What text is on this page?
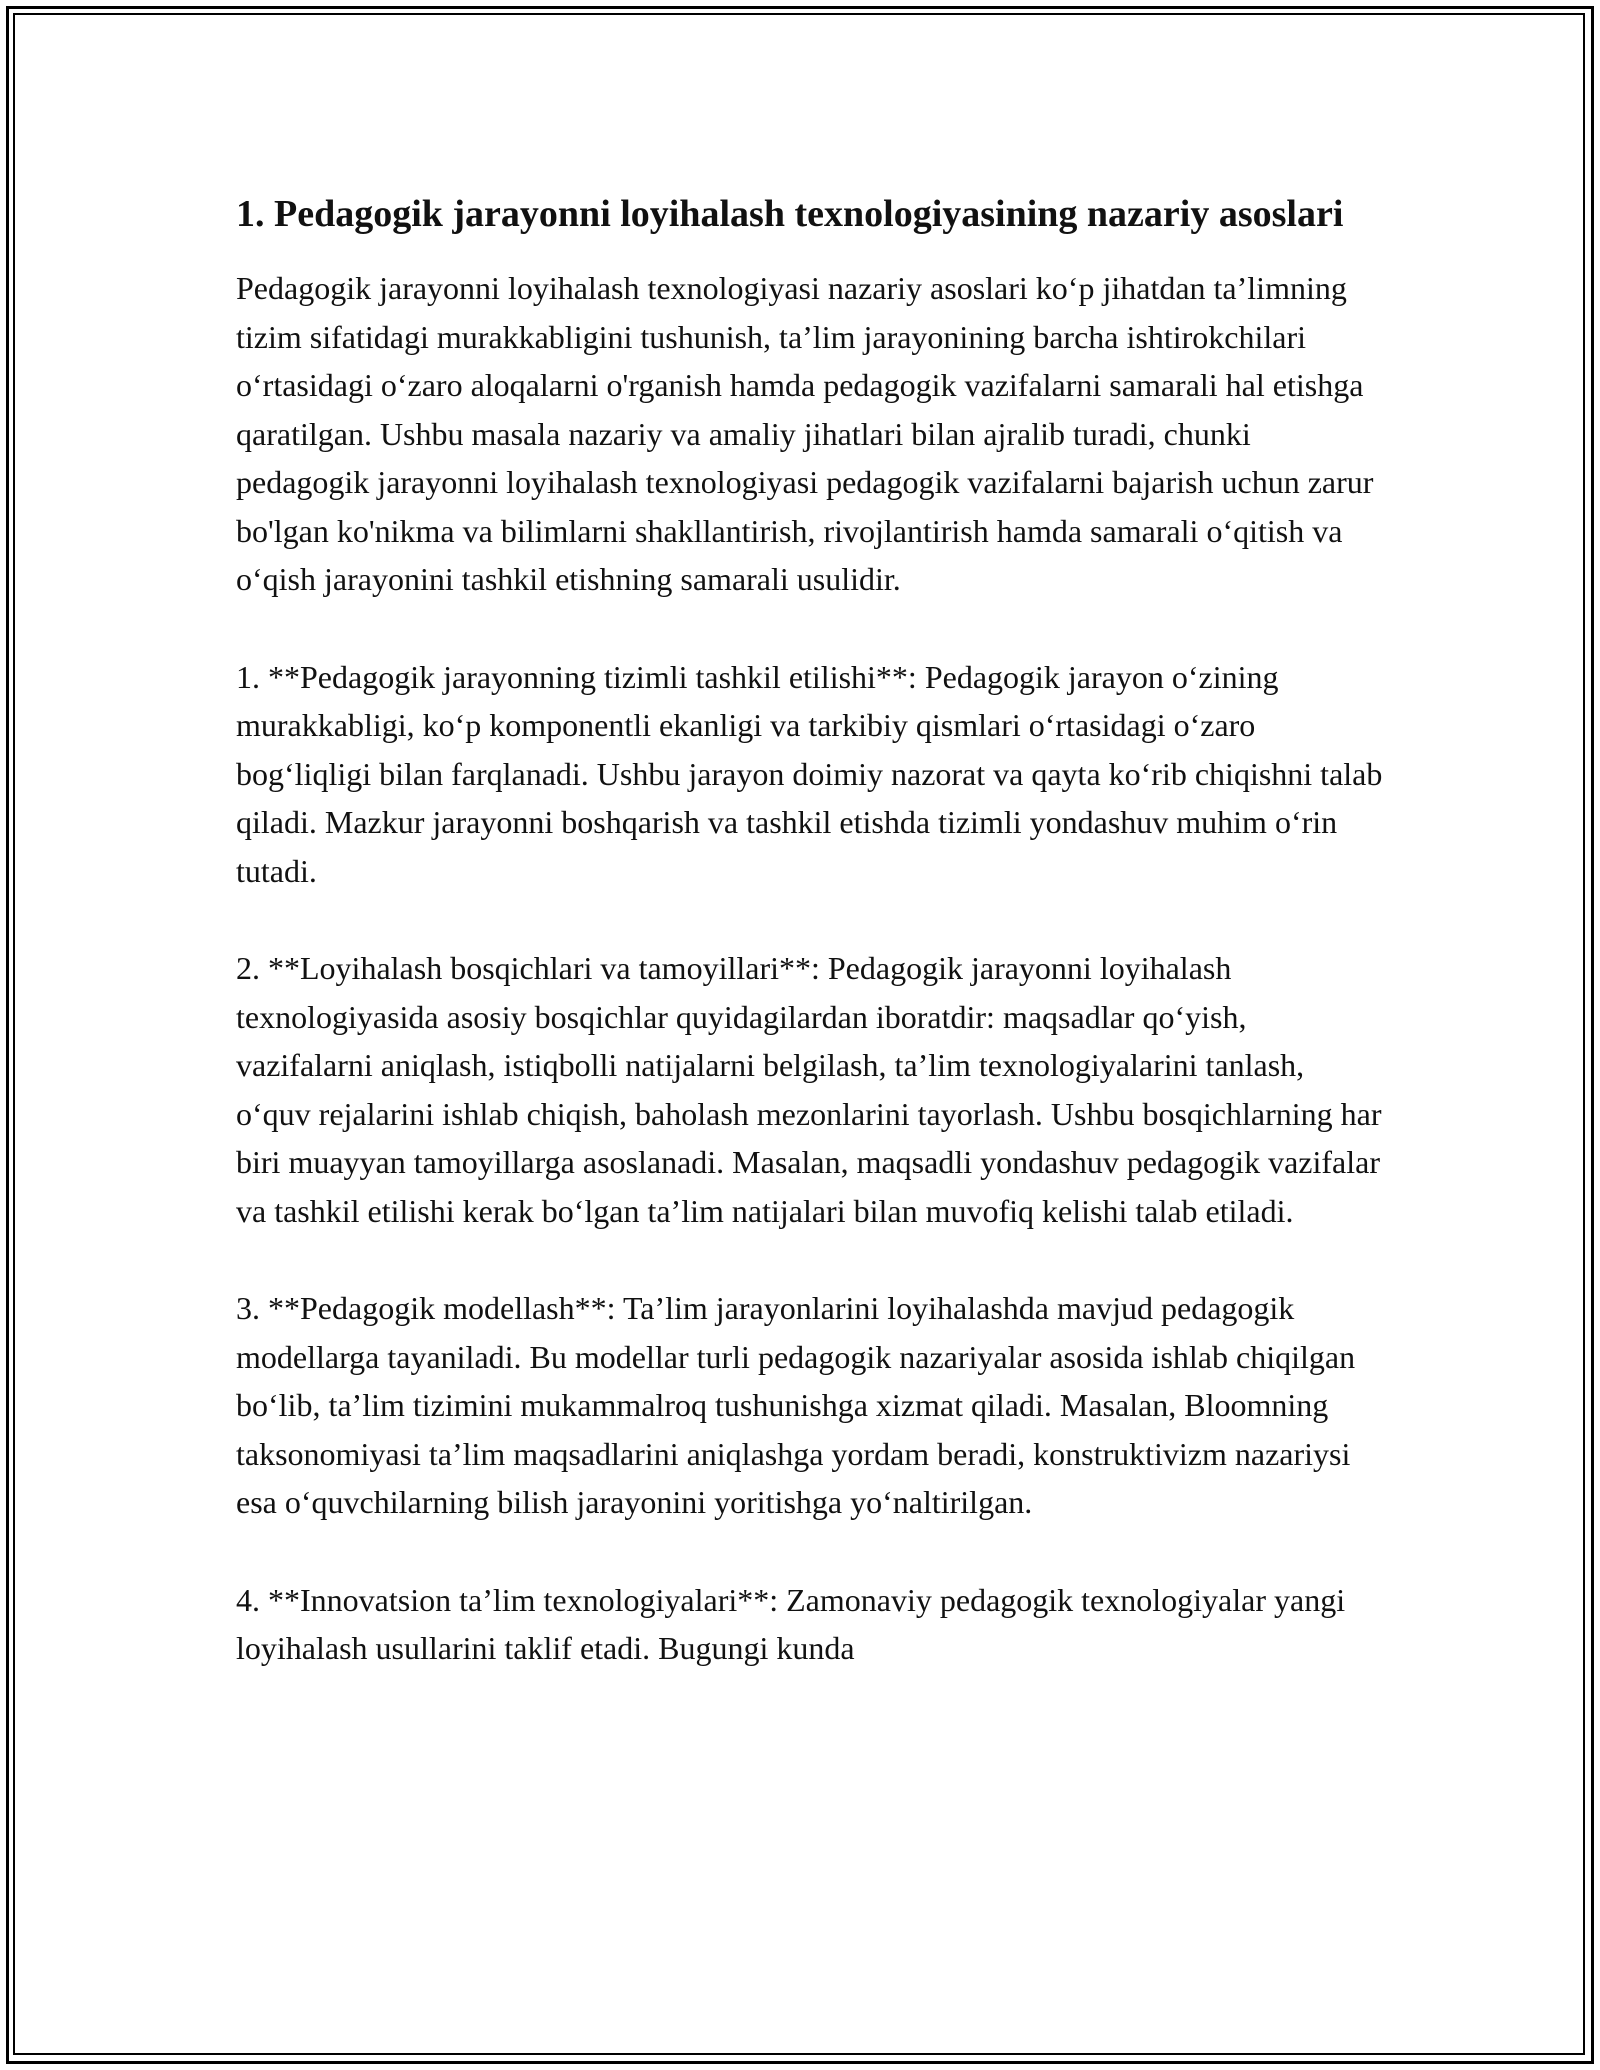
1. Pedagogik jarayonni loyihalash texnologiyasining nazariy asoslari

Pedagogik jarayonni loyihalash texnologiyasi nazariy asoslari ko‘p jihatdan ta’limning tizim sifatidagi murakkabligini tushunish, ta’lim jarayonining barcha ishtirokchilari o‘rtasidagi o‘zaro aloqalarni o'rganish hamda pedagogik vazifalarni samarali hal etishga qaratilgan. Ushbu masala nazariy va amaliy jihatlari bilan ajralib turadi, chunki pedagogik jarayonni loyihalash texnologiyasi pedagogik vazifalarni bajarish uchun zarur bo'lgan ko'nikma va bilimlarni shakllantirish, rivojlantirish hamda samarali o‘qitish va o‘qish jarayonini tashkil etishning samarali usulidir.

1. **Pedagogik jarayonning tizimli tashkil etilishi**: Pedagogik jarayon o‘zining murakkabligi, ko‘p komponentli ekanligi va tarkibiy qismlari o‘rtasidagi o‘zaro bog‘liqligi bilan farqlanadi. Ushbu jarayon doimiy nazorat va qayta ko‘rib chiqishni talab qiladi. Mazkur jarayonni boshqarish va tashkil etishda tizimli yondashuv muhim o‘rin tutadi.

2. **Loyihalash bosqichlari va tamoyillari**: Pedagogik jarayonni loyihalash texnologiyasida asosiy bosqichlar quyidagilardan iboratdir: maqsadlar qo‘yish, vazifalarni aniqlash, istiqbolli natijalarni belgilash, ta’lim texnologiyalarini tanlash, o‘quv rejalarini ishlab chiqish, baholash mezonlarini tayorlash. Ushbu bosqichlarning har biri muayyan tamoyillarga asoslanadi. Masalan, maqsadli yondashuv pedagogik vazifalar va tashkil etilishi kerak bo‘lgan ta’lim natijalari bilan muvofiq kelishi talab etiladi.

3. **Pedagogik modellash**: Ta’lim jarayonlarini loyihalashda mavjud pedagogik modellarga tayaniladi. Bu modellar turli pedagogik nazariyalar asosida ishlab chiqilgan bo‘lib, ta’lim tizimini mukammalroq tushunishga xizmat qiladi. Masalan, Bloomning taksonomiyasi ta’lim maqsadlarini aniqlashga yordam beradi, konstruktivizm nazariysi esa o‘quvchilarning bilish jarayonini yoritishga yo‘naltirilgan.

4. **Innovatsion ta’lim texnologiyalari**: Zamonaviy pedagogik texnologiyalar yangi loyihalash usullarini taklif etadi. Bugungi kunda
